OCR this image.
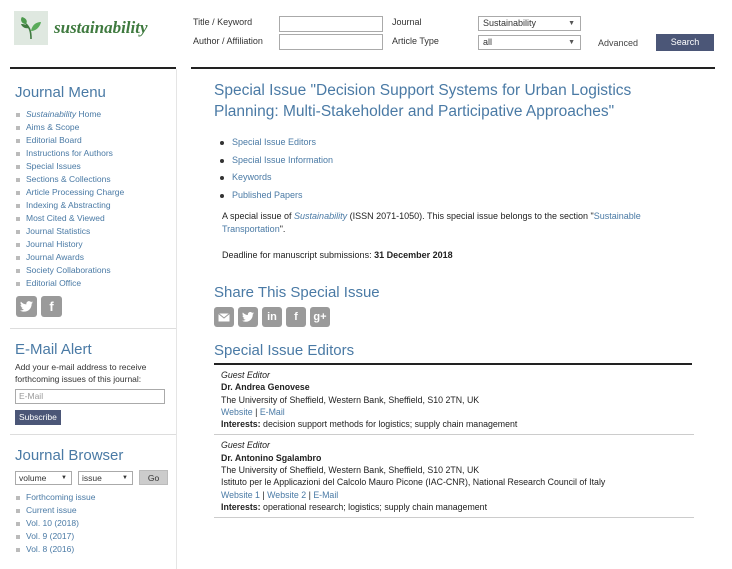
sustainability	Title / Keyword
Author / Affiliation
Journal	Sustainability	▼
Article Type	all	▼	Advanced	Search
Journal Menu
Sustainability Home
Aims & Scope
Editorial Board
Instructions for Authors
Special Issues
Sections & Collections
Article Processing Charge
Indexing & Abstracting
Most Cited & Viewed
Journal Statistics
Journal History
Journal Awards
Society Collaborations
Editorial Office
f
E-Mail Alert
Add your e-mail address to receive forthcoming issues of this journal:
E-Mail
Subscribe
Journal Browser
volume ▼	issue	▼	Go
Forthcoming issue
Current issue
Vol. 10 (2018)
Vol. 9 (2017)
Vol. 8 (2016)
Special Issue "Decision Support Systems for Urban Logistics Planning: Multi-Stakeholder and Participative Approaches"
Special Issue Editors
Special Issue Information
Keywords
Published Papers

A special issue of Sustainability (ISSN 2071-1050). This special issue belongs to the section "Sustainable Transportation".

Deadline for manuscript submissions: 31 December 2018

Share This Special Issue
in	f	g+
Special Issue Editors
Guest Editor
Dr. Andrea Genovese
The University of Sheffield, Western Bank, Sheffield, S10 2TN, UK
Website | E-Mail
Interests: decision support methods for logistics; supply chain management
Guest Editor
Dr. Antonino Sgalambro
The University of Sheffield, Western Bank, Sheffield, S10 2TN, UK
Istituto per le Applicazioni del Calcolo Mauro Picone (IAC-CNR), National Research Council of Italy
Website 1 | Website 2 | E-Mail
Interests: operational research; logistics; supply chain management
